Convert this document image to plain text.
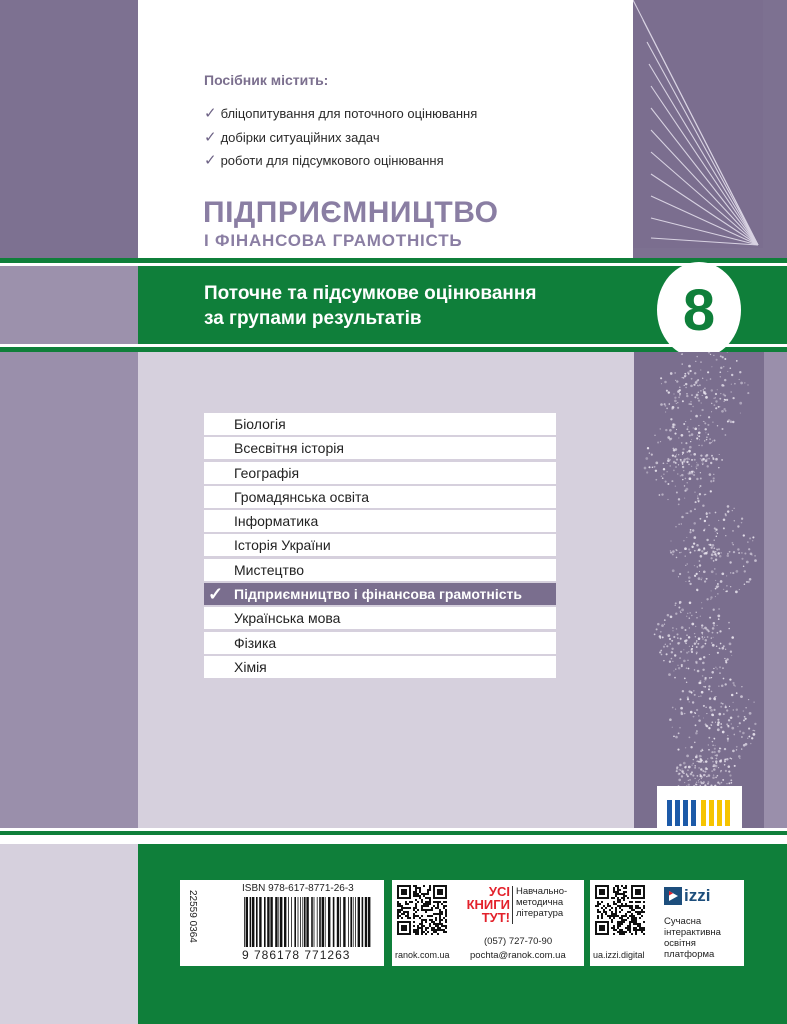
Посібник містить:
✓ бліцопитування для поточного оцінювання
✓ добірки ситуаційних задач
✓ роботи для підсумкового оцінювання
ПІДПРИЄМНИЦТВО
І ФІНАНСОВА ГРАМОТНІСТЬ
Поточне та підсумкове оцінювання
за групами результатів	8
Біологія
Всесвітня історія
Географія
Громадянська освіта
Інформатика
Історія України
Мистецтво
✓ Підприємництво і фінансова грамотність
Українська мова
Фізика
Хімія
22559 0364
ISBN 978-617-8771-26-3
9 786178 771263	ranok.com.ua
УСІ
КНИГИ
ТУТ!
Навчально-
методична
література
(057) 727-70-90
pochta@ranok.com.ua	ua.izzi.digital
izzi
Сучасна
інтерактивна
освітня
платформа
